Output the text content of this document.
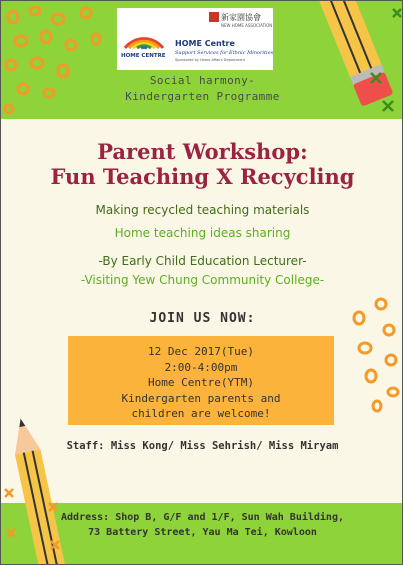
新家園協會
NEW HOME ASSOCIATION
HOME CENTRE
HOME Centre
Support Services for Ethnic Minorities
Sponsored by Home Affairs Department
Social harmony-
Kindergarten Programme
Parent Workshop:
Fun Teaching X Recycling
Making recycled teaching materials
Home teaching ideas sharing
-By Early Child Education Lecturer-
-Visiting Yew Chung Community College-
JOIN US NOW:
12 Dec 2017(Tue)
2:00-4:00pm
Home Centre(YTM)
Kindergarten parents and
children are welcome!
Staff: Miss Kong/ Miss Sehrish/ Miss Miryam
Address: Shop B, G/F and 1/F, Sun Wah Building,
73 Battery Street, Yau Ma Tei, Kowloon
